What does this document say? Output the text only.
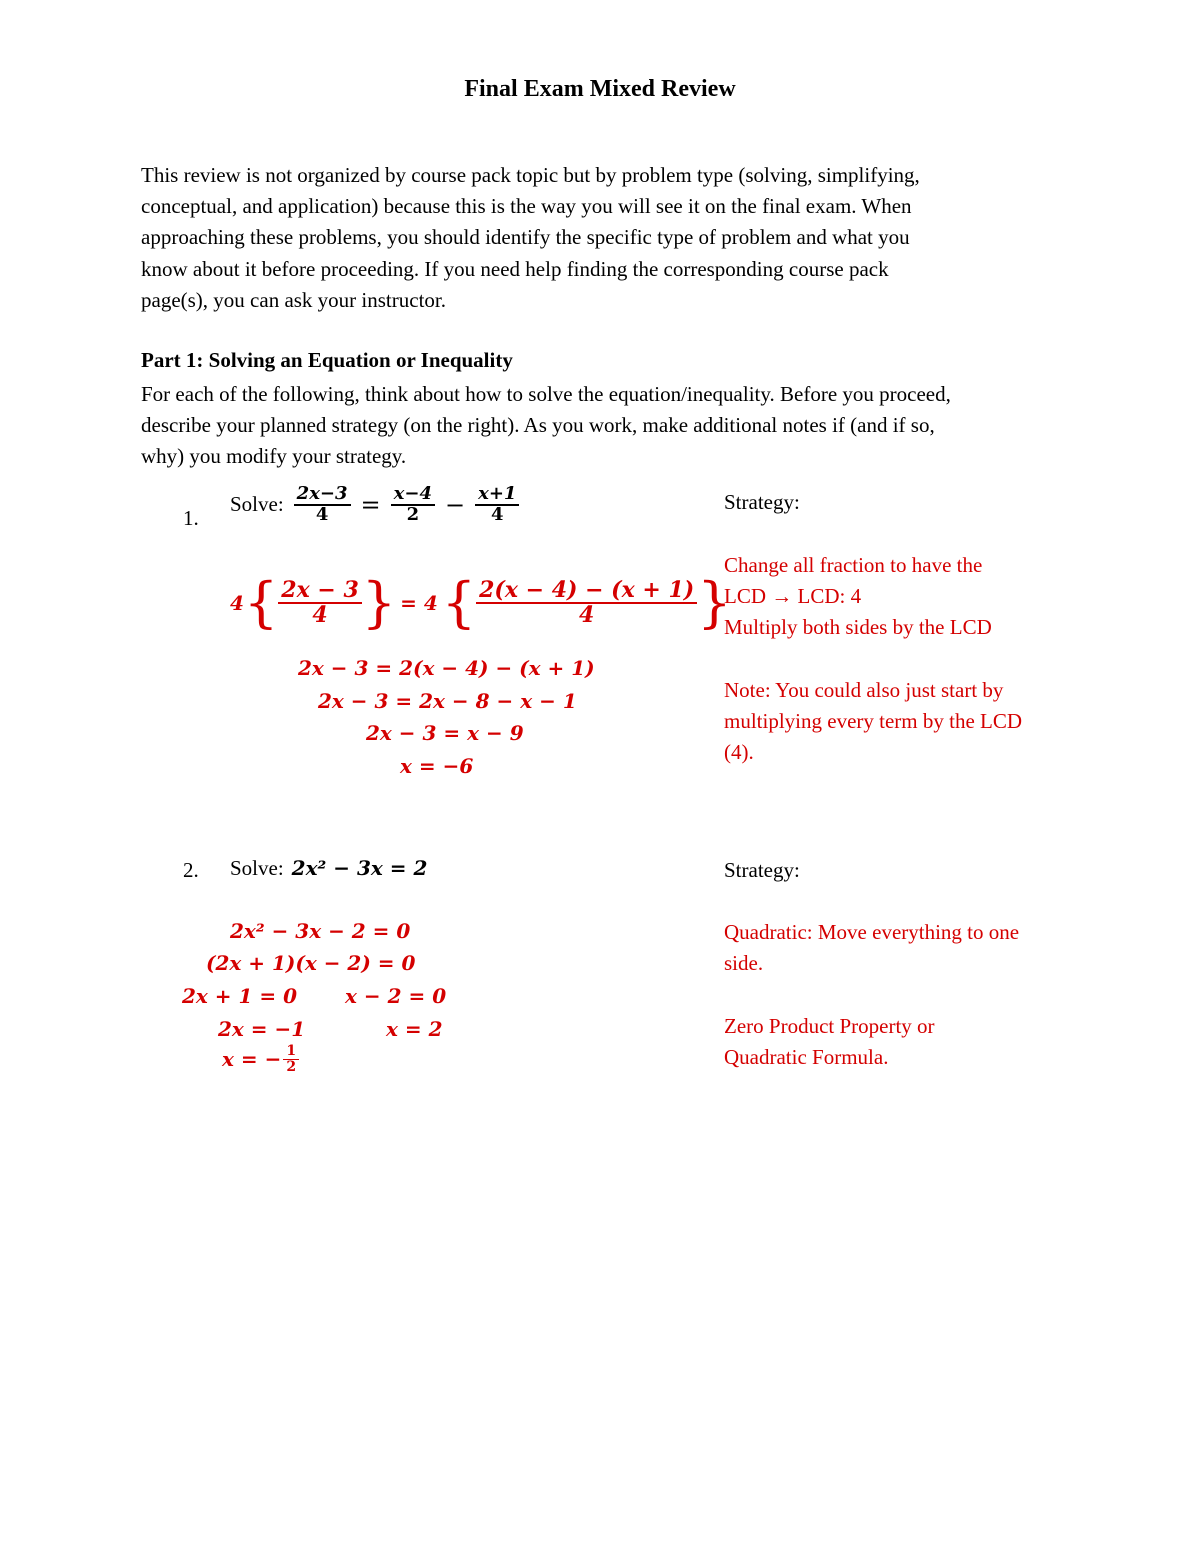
Final Exam Mixed Review
This review is not organized by course pack topic but by problem type (solving, simplifying,
conceptual, and application) because this is the way you will see it on the final exam. When
approaching these problems, you should identify the specific type of problem and what you
know about it before proceeding. If you need help finding the corresponding course pack
page(s), you can ask your instructor.
Part 1: Solving an Equation or Inequality
For each of the following, think about how to solve the equation/inequality. Before you proceed,
describe your planned strategy (on the right). As you work, make additional notes if (and if so,
why) you modify your strategy.
1.
Solve: $\frac{2x-3}{4} = \frac{x-4}{2} - \frac{x+1}{4}$	Strategy:
4 { $\frac{2x - 3}{4}$ } = 4 { $\frac{2(x - 4) - (x + 1)}{4}$ }
2x − 3 = 2(x − 4) − (x + 1)
2x − 3 = 2x − 8 − x − 1
2x − 3 = x − 9
x = −6
Change all fraction to have the
LCD → LCD: 4
Multiply both sides by the LCD
Note: You could also just start by
multiplying every term by the LCD
(4).
2. Solve: 2x² − 3x = 2	Strategy:
2x² − 3x − 2 = 0
(2x + 1)(x − 2) = 0
2x + 1 = 0 x − 2 = 0
2x = −1	x = 2
x = − $\frac{1}{2}$
Quadratic: Move everything to one
side.
Zero Product Property or
Quadratic Formula.
